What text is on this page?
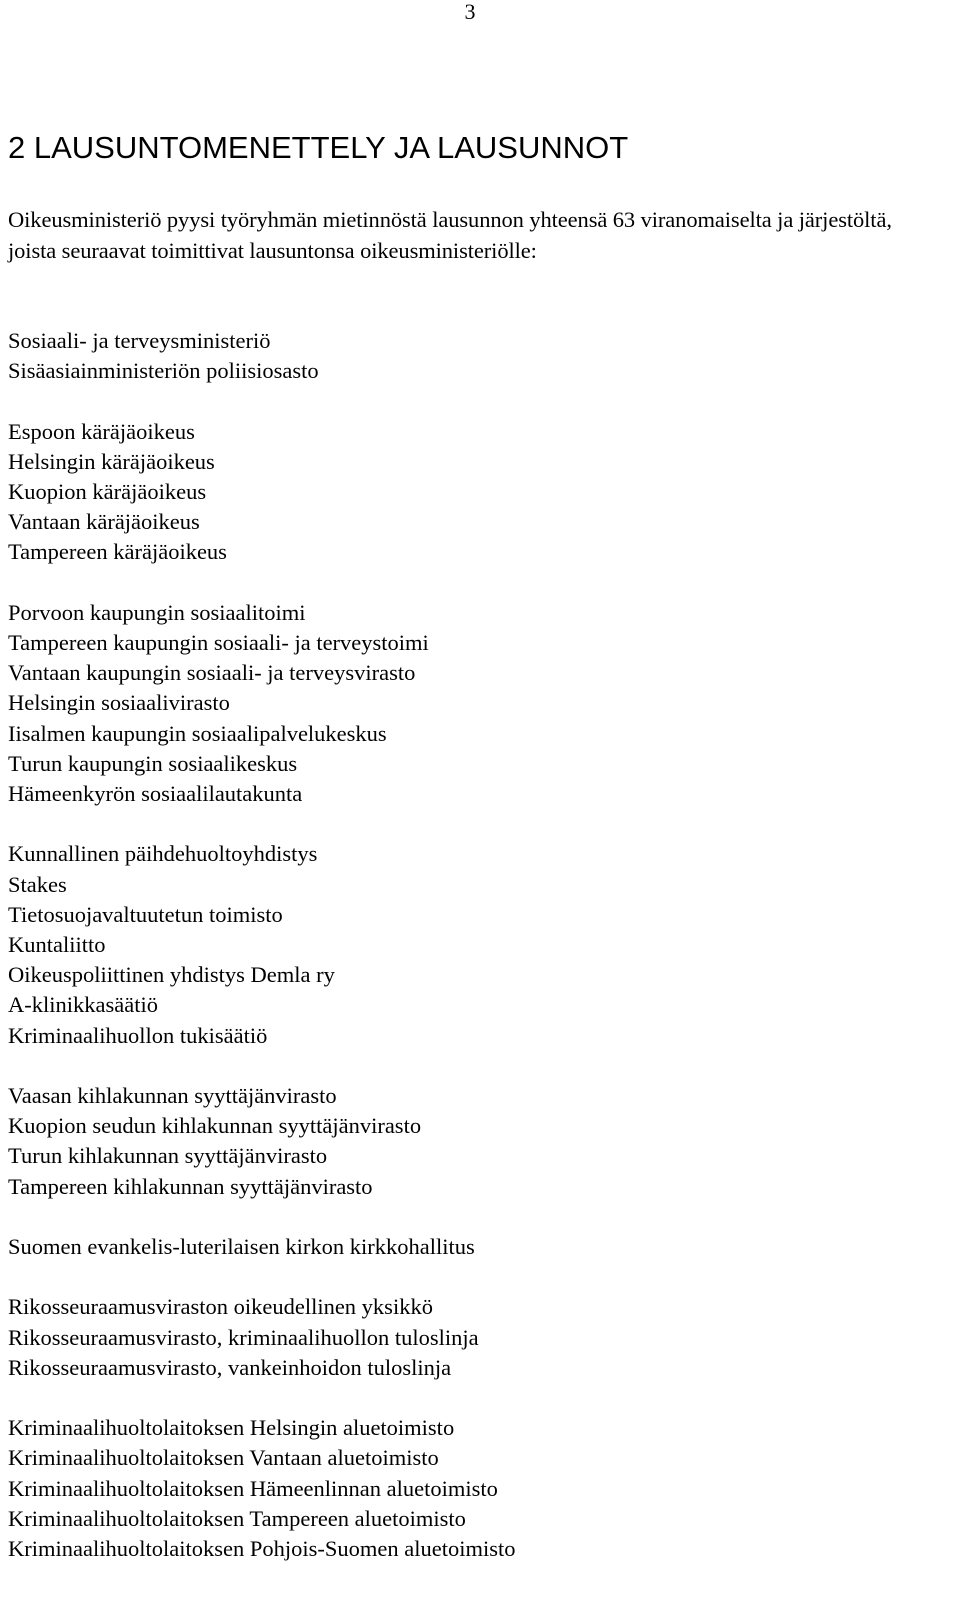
3
2 LAUSUNTOMENETTELY JA LAUSUNNOT

Oikeusministeriö pyysi työryhmän mietinnöstä lausunnon yhteensä 63 viranomaiselta ja järjestöltä, joista seuraavat toimittivat lausuntonsa oikeusministeriölle:

Sosiaali- ja terveysministeriö
Sisäasiainministeriön poliisiosasto
Espoon käräjäoikeus
Helsingin käräjäoikeus
Kuopion käräjäoikeus
Vantaan käräjäoikeus
Tampereen käräjäoikeus
Porvoon kaupungin sosiaalitoimi
Tampereen kaupungin sosiaali- ja terveystoimi
Vantaan kaupungin sosiaali- ja terveysvirasto
Helsingin sosiaalivirasto
Iisalmen kaupungin sosiaalipalvelukeskus
Turun kaupungin sosiaalikeskus
Hämeenkyrön sosiaalilautakunta
Kunnallinen päihdehuoltoyhdistys
Stakes
Tietosuojavaltuutetun toimisto
Kuntaliitto
Oikeuspoliittinen yhdistys Demla ry
A-klinikkasäätiö
Kriminaalihuollon tukisäätiö
Vaasan kihlakunnan syyttäjänvirasto
Kuopion seudun kihlakunnan syyttäjänvirasto
Turun kihlakunnan syyttäjänvirasto
Tampereen kihlakunnan syyttäjänvirasto
Suomen evankelis-luterilaisen kirkon kirkkohallitus
Rikosseuraamusviraston oikeudellinen yksikkö
Rikosseuraamusvirasto, kriminaalihuollon tuloslinja
Rikosseuraamusvirasto, vankeinhoidon tuloslinja
Kriminaalihuoltolaitoksen Helsingin aluetoimisto
Kriminaalihuoltolaitoksen Vantaan aluetoimisto
Kriminaalihuoltolaitoksen Hämeenlinnan aluetoimisto
Kriminaalihuoltolaitoksen Tampereen aluetoimisto
Kriminaalihuoltolaitoksen Pohjois-Suomen aluetoimisto
